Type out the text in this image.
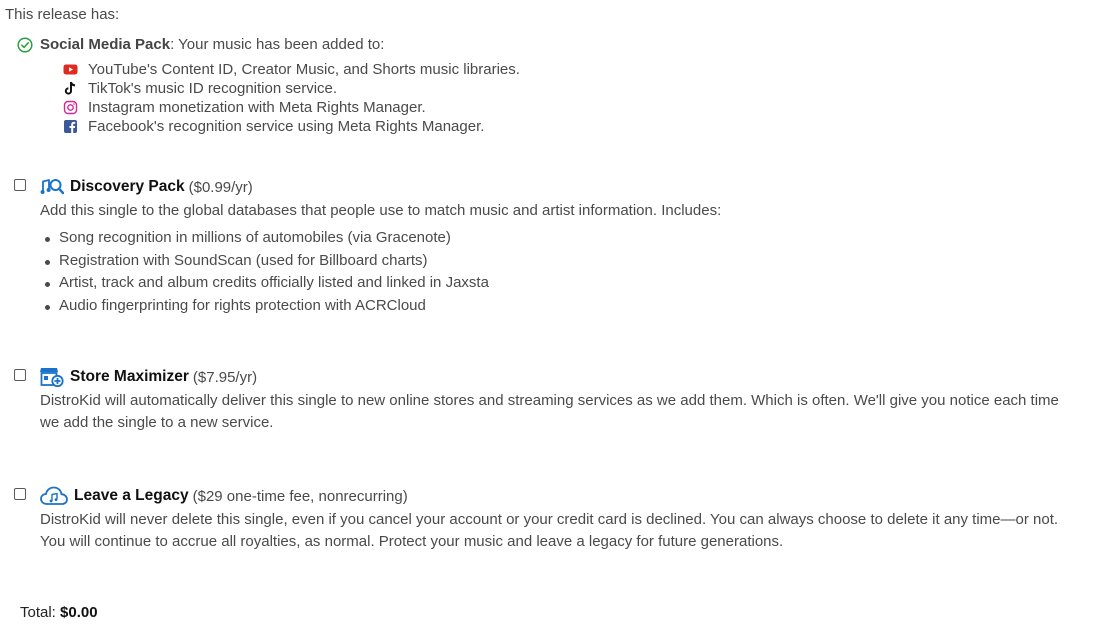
This release has:
Social Media Pack : Your music has been added to:
YouTube's Content ID, Creator Music, and Shorts music libraries.
TikTok's music ID recognition service.
Instagram monetization with Meta Rights Manager.
Facebook's recognition service using Meta Rights Manager.
Discovery Pack ($0.99/yr)
Add this single to the global databases that people use to match music and artist information. Includes:
Song recognition in millions of automobiles (via Gracenote)
Registration with SoundScan (used for Billboard charts)
Artist, track and album credits officially listed and linked in Jaxsta
Audio fingerprinting for rights protection with ACRCloud
Store Maximizer ($7.95/yr)
DistroKid will automatically deliver this single to new online stores and streaming services as we add them. Which is often. We'll give you notice each time
we add the single to a new service.
Leave a Legacy ($29 one-time fee, nonrecurring)
DistroKid will never delete this single, even if you cancel your account or your credit card is declined. You can always choose to delete it any time—or not.
You will continue to accrue all royalties, as normal. Protect your music and leave a legacy for future generations.
Total: $0.00
